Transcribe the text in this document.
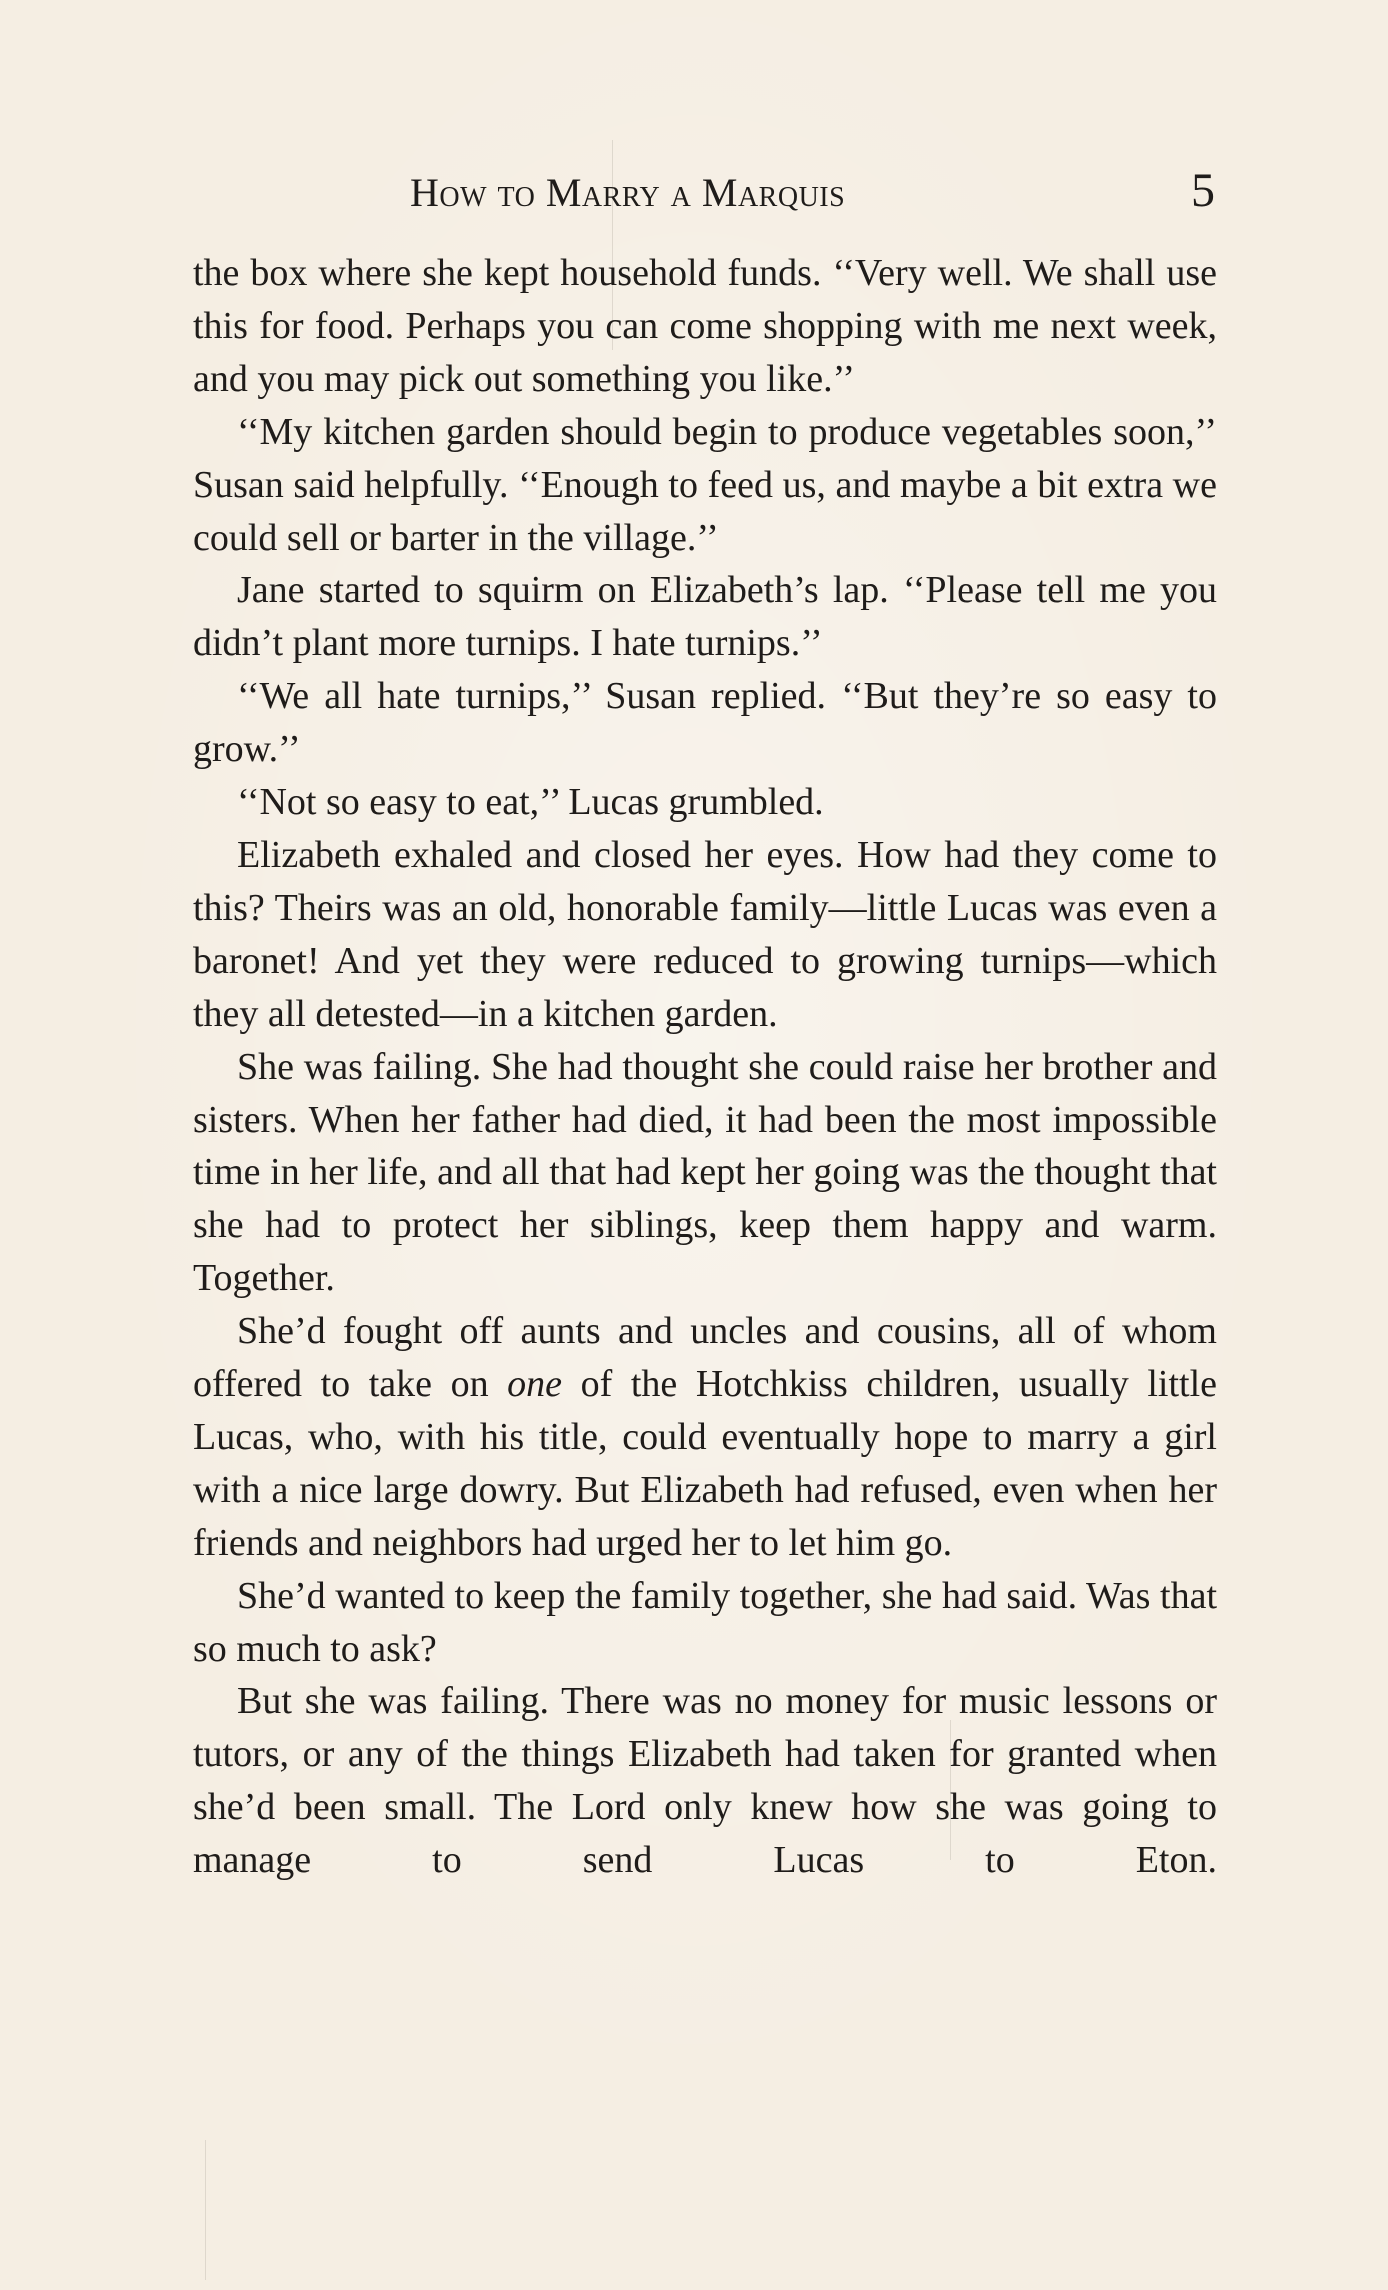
How to Marry a Marquis	5

the box where she kept household funds. ‘‘Very well. We shall use this for food. Perhaps you can come shopping with me next week, and you may pick out something you like.’’

‘‘My kitchen garden should begin to produce vegetables soon,’’ Susan said helpfully. ‘‘Enough to feed us, and maybe a bit extra we could sell or barter in the village.’’

Jane started to squirm on Elizabeth’s lap. ‘‘Please tell me you didn’t plant more turnips. I hate turnips.’’

‘‘We all hate turnips,’’ Susan replied. ‘‘But they’re so easy to grow.’’

‘‘Not so easy to eat,’’ Lucas grumbled.

Elizabeth exhaled and closed her eyes. How had they come to this? Theirs was an old, honorable family—little Lucas was even a baronet! And yet they were reduced to growing turnips—which they all detested—in a kitchen garden.

She was failing. She had thought she could raise her brother and sisters. When her father had died, it had been the most impossible time in her life, and all that had kept her going was the thought that she had to protect her siblings, keep them happy and warm. Together.

She’d fought off aunts and uncles and cousins, all of whom offered to take on one of the Hotchkiss children, usually little Lucas, who, with his title, could eventually hope to marry a girl with a nice large dowry. But Elizabeth had refused, even when her friends and neighbors had urged her to let him go.

She’d wanted to keep the family together, she had said. Was that so much to ask?

But she was failing. There was no money for music lessons or tutors, or any of the things Elizabeth had taken for granted when she’d been small. The Lord only knew how she was going to manage to send Lucas to Eton.
